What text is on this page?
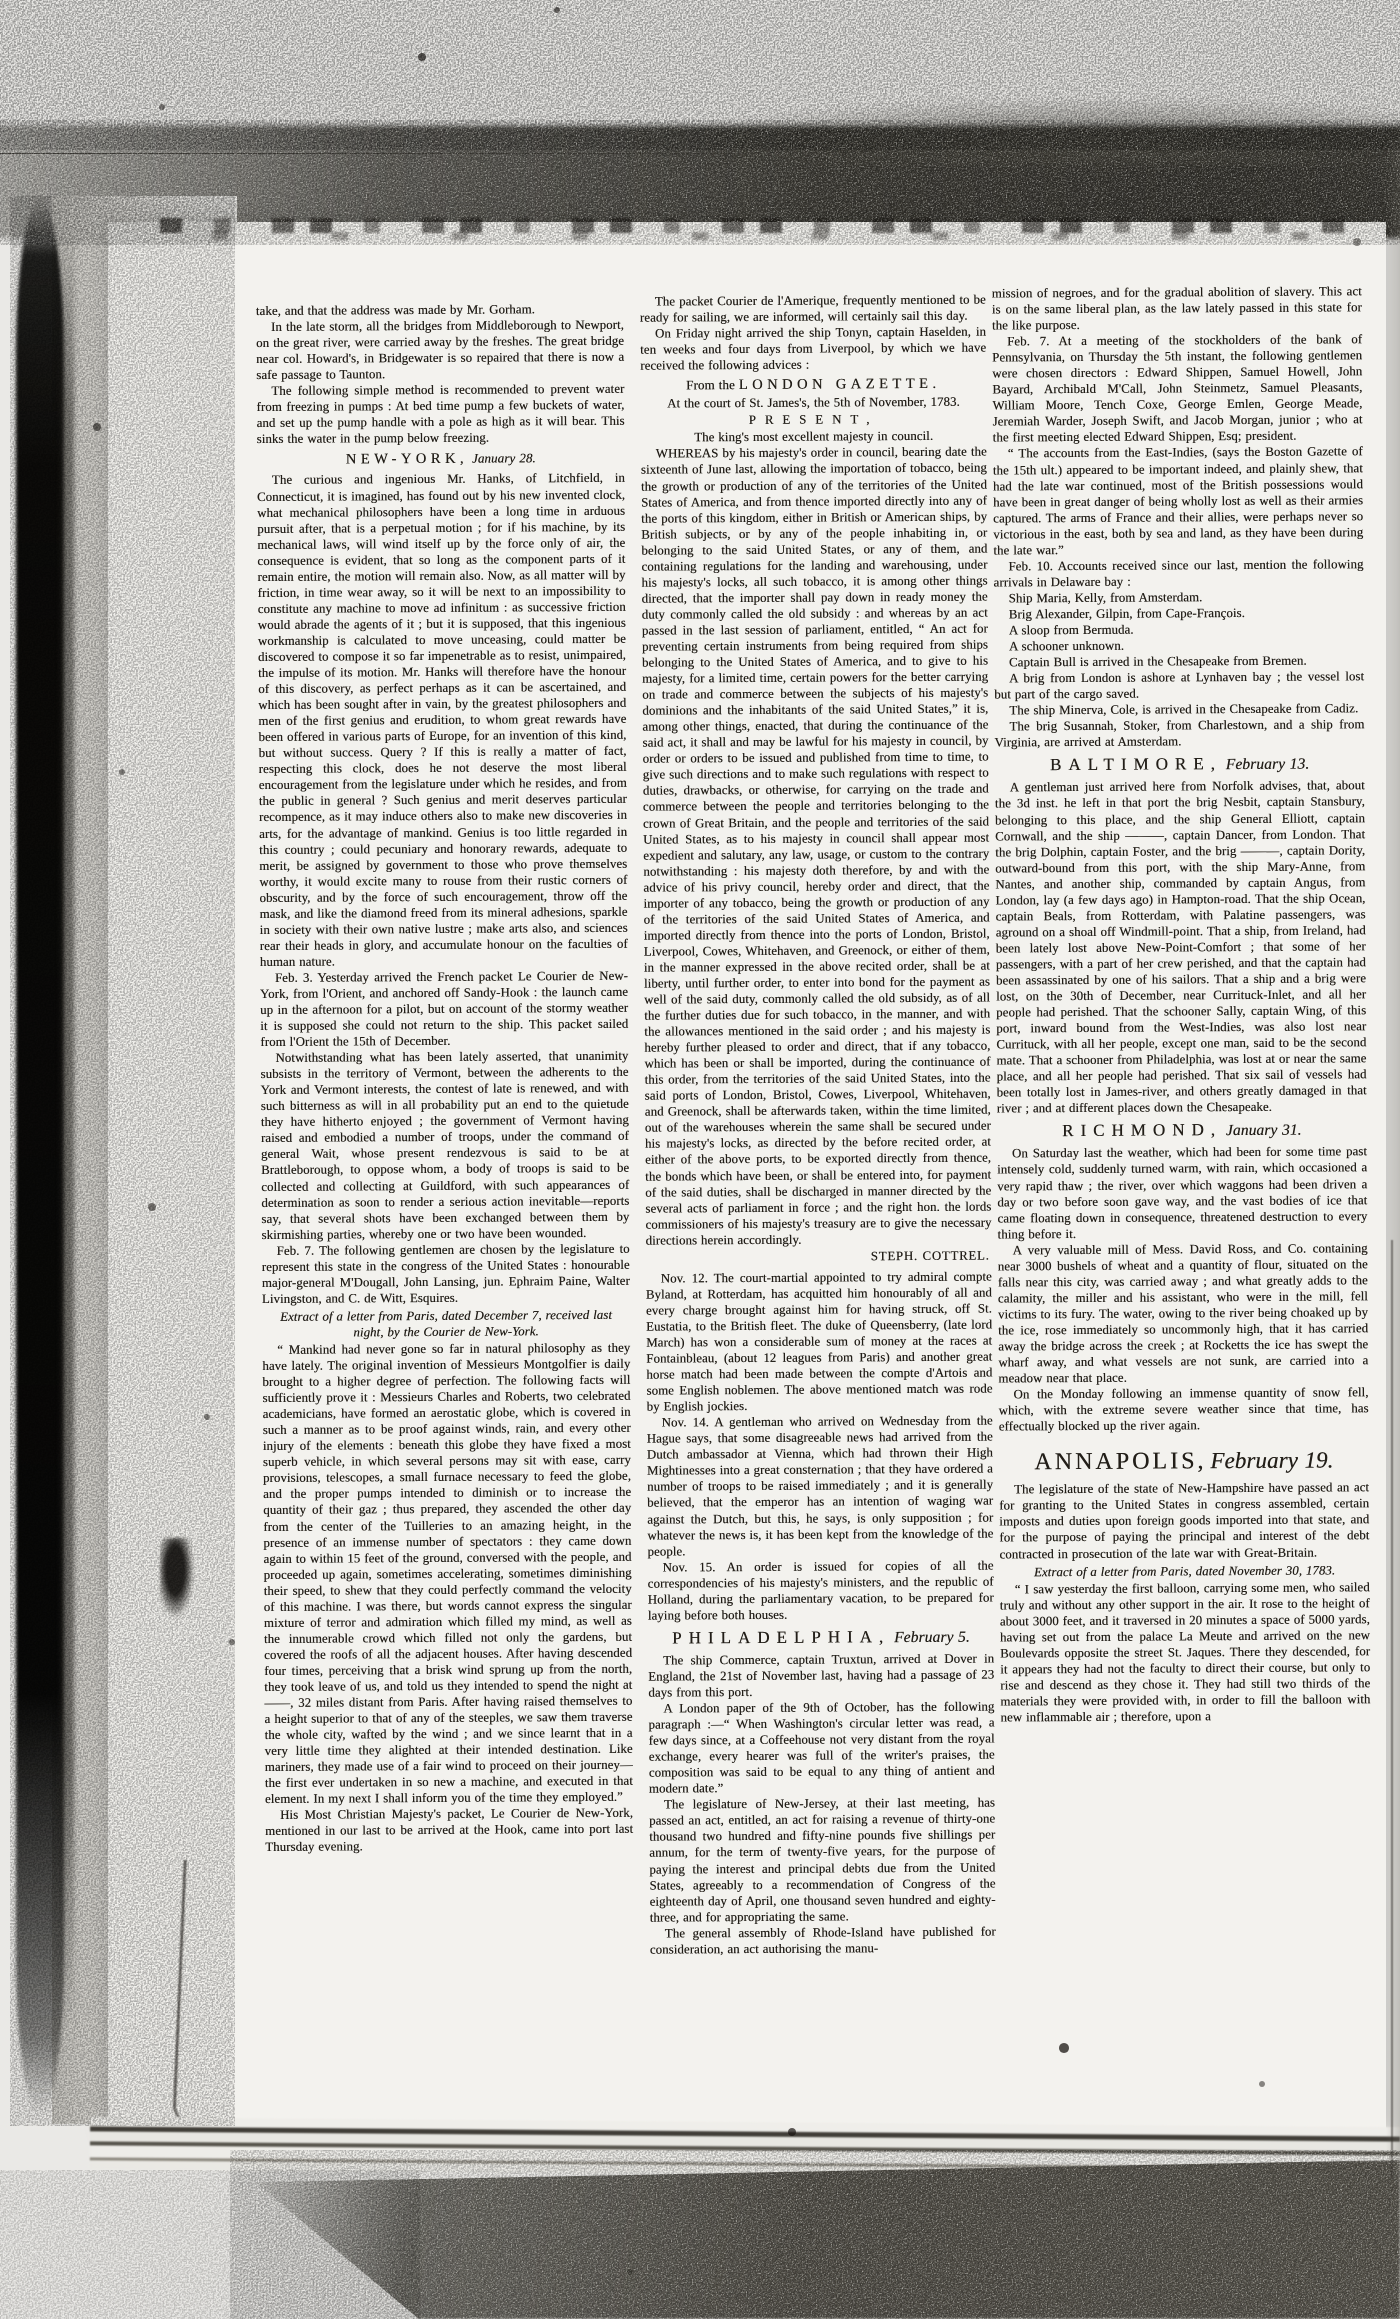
take, and that the address was made by Mr. Gorham.
In the late storm, all the bridges from Middleborough to Newport, on the great river, were carried away by the freshes. The great bridge near col. Howard's, in Bridgewater is so repaired that there is now a safe passage to Taunton.
The following simple method is recommended to prevent water from freezing in pumps : At bed time pump a few buckets of water, and set up the pump handle with a pole as high as it will bear. This sinks the water in the pump below freezing.
NEW-YORK, January 28.
The curious and ingenious Mr. Hanks, of Litchfield, in Connecticut, it is imagined, has found out by his new invented clock, what mechanical philosophers have been a long time in arduous pursuit after, that is a perpetual motion ; for if his machine, by its mechanical laws, will wind itself up by the force only of air, the consequence is evident, that so long as the component parts of it remain entire, the motion will remain also. Now, as all matter will by friction, in time wear away, so it will be next to an impossibility to constitute any machine to move ad infinitum : as successive friction would abrade the agents of it ; but it is supposed, that this ingenious workmanship is calculated to move unceasing, could matter be discovered to compose it so far impenetrable as to resist, unimpaired, the impulse of its motion. Mr. Hanks will therefore have the honour of this discovery, as perfect perhaps as it can be ascertained, and which has been sought after in vain, by the greatest philosophers and men of the first genius and erudition, to whom great rewards have been offered in various parts of Europe, for an invention of this kind, but without success. Query ? If this is really a matter of fact, respecting this clock, does he not deserve the most liberal encouragement from the legislature under which he resides, and from the public in general ? Such genius and merit deserves particular recompence, as it may induce others also to make new discoveries in arts, for the advantage of mankind. Genius is too little regarded in this country ; could pecuniary and honorary rewards, adequate to merit, be assigned by government to those who prove themselves worthy, it would excite many to rouse from their rustic corners of obscurity, and by the force of such encouragement, throw off the mask, and like the diamond freed from its mineral adhesions, sparkle in society with their own native lustre ; make arts also, and sciences rear their heads in glory, and accumulate honour on the faculties of human nature.
Feb. 3. Yesterday arrived the French packet Le Courier de New-York, from l'Orient, and anchored off Sandy-Hook : the launch came up in the afternoon for a pilot, but on account of the stormy weather it is supposed she could not return to the ship. This packet sailed from l'Orient the 15th of December.
Notwithstanding what has been lately asserted, that unanimity subsists in the territory of Vermont, between the adherents to the York and Vermont interests, the contest of late is renewed, and with such bitterness as will in all probability put an end to the quietude they have hitherto enjoyed ; the government of Vermont having raised and embodied a number of troops, under the command of general Wait, whose present rendezvous is said to be at Brattleborough, to oppose whom, a body of troops is said to be collected and collecting at Guildford, with such appearances of determination as soon to render a serious action inevitable—reports say, that several shots have been exchanged between them by skirmishing parties, whereby one or two have been wounded.
Feb. 7. The following gentlemen are chosen by the legislature to represent this state in the congress of the United States : honourable major-general M'Dougall, John Lansing, jun. Ephraim Paine, Walter Livingston, and C. de Witt, Esquires.
Extract of a letter from Paris, dated December 7, received last night, by the Courier de New-York.
“ Mankind had never gone so far in natural philosophy as they have lately. The original invention of Messieurs Montgolfier is daily brought to a higher degree of perfection. The following facts will sufficiently prove it : Messieurs Charles and Roberts, two celebrated academicians, have formed an aerostatic globe, which is covered in such a manner as to be proof against winds, rain, and every other injury of the elements : beneath this globe they have fixed a most superb vehicle, in which several persons may sit with ease, carry provisions, telescopes, a small furnace necessary to feed the globe, and the proper pumps intended to diminish or to increase the quantity of their gaz ; thus prepared, they ascended the other day from the center of the Tuilleries to an amazing height, in the presence of an immense number of spectators : they came down again to within 15 feet of the ground, conversed with the people, and proceeded up again, sometimes accelerating, sometimes diminishing their speed, to shew that they could perfectly command the velocity of this machine. I was there, but words cannot express the singular mixture of terror and admiration which filled my mind, as well as the innumerable crowd which filled not only the gardens, but covered the roofs of all the adjacent houses. After having descended four times, perceiving that a brisk wind sprung up from the north, they took leave of us, and told us they intended to spend the night at ——, 32 miles distant from Paris. After having raised themselves to a height superior to that of any of the steeples, we saw them traverse the whole city, wafted by the wind ; and we since learnt that in a very little time they alighted at their intended destination. Like mariners, they made use of a fair wind to proceed on their journey—the first ever undertaken in so new a machine, and executed in that element. In my next I shall inform you of the time they employed.”
His Most Christian Majesty's packet, Le Courier de New-York, mentioned in our last to be arrived at the Hook, came into port last Thursday evening.
The packet Courier de l'Amerique, frequently mentioned to be ready for sailing, we are informed, will certainly sail this day.
On Friday night arrived the ship Tonyn, captain Haselden, in ten weeks and four days from Liverpool, by which we have received the following advices :
From the LONDON GAZETTE.
At the court of St. James's, the 5th of November, 1783.
PRESENT,
The king's most excellent majesty in council.
WHEREAS by his majesty's order in council, bearing date the sixteenth of June last, allowing the importation of tobacco, being the growth or production of any of the territories of the United States of America, and from thence imported directly into any of the ports of this kingdom, either in British or American ships, by British subjects, or by any of the people inhabiting in, or belonging to the said United States, or any of them, and containing regulations for the landing and warehousing, under his majesty's locks, all such tobacco, it is among other things directed, that the importer shall pay down in ready money the duty commonly called the old subsidy : and whereas by an act passed in the last session of parliament, entitled, “ An act for preventing certain instruments from being required from ships belonging to the United States of America, and to give to his majesty, for a limited time, certain powers for the better carrying on trade and commerce between the subjects of his majesty's dominions and the inhabitants of the said United States,” it is, among other things, enacted, that during the continuance of the said act, it shall and may be lawful for his majesty in council, by order or orders to be issued and published from time to time, to give such directions and to make such regulations with respect to duties, drawbacks, or otherwise, for carrying on the trade and commerce between the people and territories belonging to the crown of Great Britain, and the people and territories of the said United States, as to his majesty in council shall appear most expedient and salutary, any law, usage, or custom to the contrary notwithstanding : his majesty doth therefore, by and with the advice of his privy council, hereby order and direct, that the importer of any tobacco, being the growth or production of any of the territories of the said United States of America, and imported directly from thence into the ports of London, Bristol, Liverpool, Cowes, Whitehaven, and Greenock, or either of them, in the manner expressed in the above recited order, shall be at liberty, until further order, to enter into bond for the payment as well of the said duty, commonly called the old subsidy, as of all the further duties due for such tobacco, in the manner, and with the allowances mentioned in the said order ; and his majesty is hereby further pleased to order and direct, that if any tobacco, which has been or shall be imported, during the continuance of this order, from the territories of the said United States, into the said ports of London, Bristol, Cowes, Liverpool, Whitehaven, and Greenock, shall be afterwards taken, within the time limited, out of the warehouses wherein the same shall be secured under his majesty's locks, as directed by the before recited order, at either of the above ports, to be exported directly from thence, the bonds which have been, or shall be entered into, for payment of the said duties, shall be discharged in manner directed by the several acts of parliament in force ; and the right hon. the lords commissioners of his majesty's treasury are to give the necessary directions herein accordingly.
STEPH. COTTREL.
Nov. 12. The court-martial appointed to try admiral compte Byland, at Rotterdam, has acquitted him honourably of all and every charge brought against him for having struck, off St. Eustatia, to the British fleet. The duke of Queensberry, (late lord March) has won a considerable sum of money at the races at Fontainbleau, (about 12 leagues from Paris) and another great horse match had been made between the compte d'Artois and some English noblemen. The above mentioned match was rode by English jockies.
Nov. 14. A gentleman who arrived on Wednesday from the Hague says, that some disagreeable news had arrived from the Dutch ambassador at Vienna, which had thrown their High Mightinesses into a great consternation ; that they have ordered a number of troops to be raised immediately ; and it is generally believed, that the emperor has an intention of waging war against the Dutch, but this, he says, is only supposition ; for whatever the news is, it has been kept from the knowledge of the people.
Nov. 15. An order is issued for copies of all the correspondencies of his majesty's ministers, and the republic of Holland, during the parliamentary vacation, to be prepared for laying before both houses.
PHILADELPHIA, February 5.
The ship Commerce, captain Truxtun, arrived at Dover in England, the 21st of November last, having had a passage of 23 days from this port.
A London paper of the 9th of October, has the following paragraph :—“ When Washington's circular letter was read, a few days since, at a Coffeehouse not very distant from the royal exchange, every hearer was full of the writer's praises, the composition was said to be equal to any thing of antient and modern date.”
The legislature of New-Jersey, at their last meeting, has passed an act, entitled, an act for raising a revenue of thirty-one thousand two hundred and fifty-nine pounds five shillings per annum, for the term of twenty-five years, for the purpose of paying the interest and principal debts due from the United States, agreeably to a recommendation of Congress of the eighteenth day of April, one thousand seven hundred and eighty-three, and for appropriating the same.
The general assembly of Rhode-Island have published for consideration, an act authorising the manu-
mission of negroes, and for the gradual abolition of slavery. This act is on the same liberal plan, as the law lately passed in this state for the like purpose.
Feb. 7. At a meeting of the stockholders of the bank of Pennsylvania, on Thursday the 5th instant, the following gentlemen were chosen directors : Edward Shippen, Samuel Howell, John Bayard, Archibald M'Call, John Steinmetz, Samuel Pleasants, William Moore, Tench Coxe, George Emlen, George Meade, Jeremiah Warder, Joseph Swift, and Jacob Morgan, junior ; who at the first meeting elected Edward Shippen, Esq; president.
“ The accounts from the East-Indies, (says the Boston Gazette of the 15th ult.) appeared to be important indeed, and plainly shew, that had the late war continued, most of the British possessions would have been in great danger of being wholly lost as well as their armies captured. The arms of France and their allies, were perhaps never so victorious in the east, both by sea and land, as they have been during the late war.”
Feb. 10. Accounts received since our last, mention the following arrivals in Delaware bay :
Ship Maria, Kelly, from Amsterdam.
Brig Alexander, Gilpin, from Cape-François.
A sloop from Bermuda.
A schooner unknown.
Captain Bull is arrived in the Chesapeake from Bremen.
A brig from London is ashore at Lynhaven bay ; the vessel lost but part of the cargo saved.
The ship Minerva, Cole, is arrived in the Chesapeake from Cadiz.
The brig Susannah, Stoker, from Charlestown, and a ship from Virginia, are arrived at Amsterdam.
BALTIMORE, February 13.
A gentleman just arrived here from Norfolk advises, that, about the 3d inst. he left in that port the brig Nesbit, captain Stansbury, belonging to this place, and the ship General Elliott, captain Cornwall, and the ship ———, captain Dancer, from London. That the brig Dolphin, captain Foster, and the brig ———, captain Dority, outward-bound from this port, with the ship Mary-Anne, from Nantes, and another ship, commanded by captain Angus, from London, lay (a few days ago) in Hampton-road. That the ship Ocean, captain Beals, from Rotterdam, with Palatine passengers, was aground on a shoal off Windmill-point. That a ship, from Ireland, had been lately lost above New-Point-Comfort ; that some of her passengers, with a part of her crew perished, and that the captain had been assassinated by one of his sailors. That a ship and a brig were lost, on the 30th of December, near Currituck-Inlet, and all her people had perished. That the schooner Sally, captain Wing, of this port, inward bound from the West-Indies, was also lost near Currituck, with all her people, except one man, said to be the second mate. That a schooner from Philadelphia, was lost at or near the same place, and all her people had perished. That six sail of vessels had been totally lost in James-river, and others greatly damaged in that river ; and at different places down the Chesapeake.
RICHMOND, January 31.
On Saturday last the weather, which had been for some time past intensely cold, suddenly turned warm, with rain, which occasioned a very rapid thaw ; the river, over which waggons had been driven a day or two before soon gave way, and the vast bodies of ice that came floating down in consequence, threatened destruction to every thing before it.
A very valuable mill of Mess. David Ross, and Co. containing near 3000 bushels of wheat and a quantity of flour, situated on the falls near this city, was carried away ; and what greatly adds to the calamity, the miller and his assistant, who were in the mill, fell victims to its fury. The water, owing to the river being choaked up by the ice, rose immediately so uncommonly high, that it has carried away the bridge across the creek ; at Rocketts the ice has swept the wharf away, and what vessels are not sunk, are carried into a meadow near that place.
On the Monday following an immense quantity of snow fell, which, with the extreme severe weather since that time, has effectually blocked up the river again.
ANNAPOLIS, February 19.
The legislature of the state of New-Hampshire have passed an act for granting to the United States in congress assembled, certain imposts and duties upon foreign goods imported into that state, and for the purpose of paying the principal and interest of the debt contracted in prosecution of the late war with Great-Britain.
Extract of a letter from Paris, dated November 30, 1783.
“ I saw yesterday the first balloon, carrying some men, who sailed truly and without any other support in the air. It rose to the height of about 3000 feet, and it traversed in 20 minutes a space of 5000 yards, having set out from the palace La Meute and arrived on the new Boulevards opposite the street St. Jaques. There they descended, for it appears they had not the faculty to direct their course, but only to rise and descend as they chose it. They had still two thirds of the materials they were provided with, in order to fill the balloon with new inflammable air ; therefore, upon a
